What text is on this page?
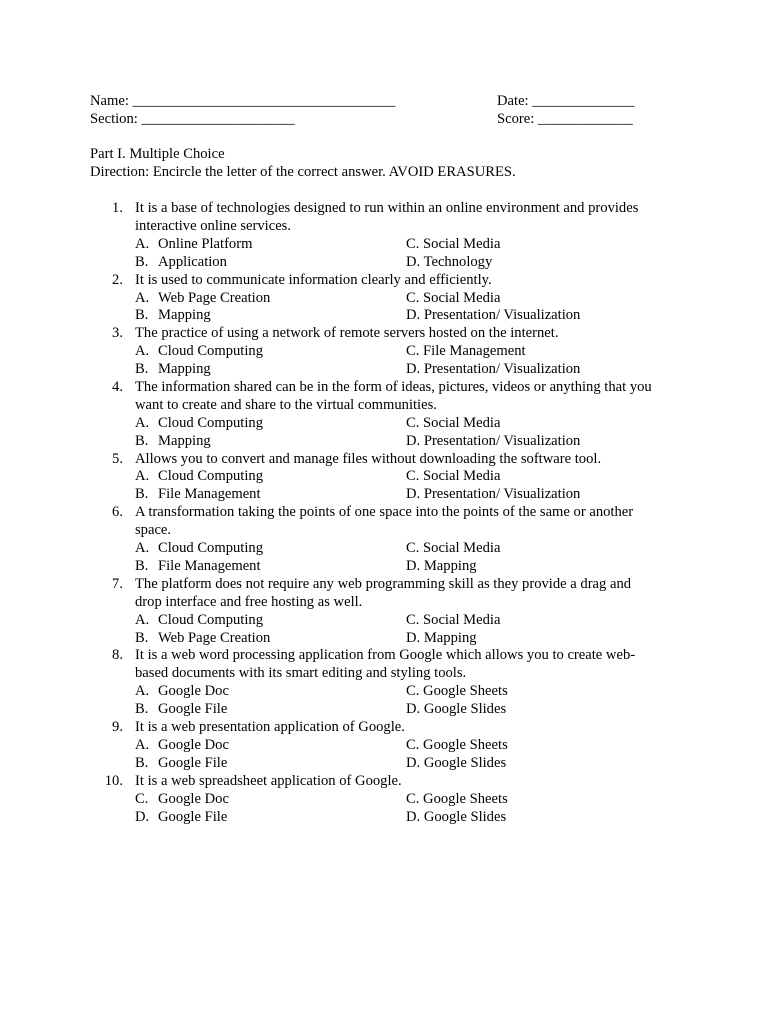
Name: ____________________________________	Date: ______________
Section: _____________________	Score: _____________
Part I. Multiple Choice
Direction: Encircle the letter of the correct answer. AVOID ERASURES.
1. It is a base of technologies designed to run within an online environment and provides
interactive online services.
A. Online Platform	C. Social Media
B. Application	D. Technology
2. It is used to communicate information clearly and efficiently.
A. Web Page Creation	C. Social Media
B. Mapping	D. Presentation/ Visualization
3. The practice of using a network of remote servers hosted on the internet.
A. Cloud Computing	C. File Management
B. Mapping	D. Presentation/ Visualization
4. The information shared can be in the form of ideas, pictures, videos or anything that you
want to create and share to the virtual communities.
A. Cloud Computing	C. Social Media
B. Mapping	D. Presentation/ Visualization
5. Allows you to convert and manage files without downloading the software tool.
A. Cloud Computing	C. Social Media
B. File Management	D. Presentation/ Visualization
6. A transformation taking the points of one space into the points of the same or another
space.
A. Cloud Computing	C. Social Media
B. File Management	D. Mapping
7. The platform does not require any web programming skill as they provide a drag and
drop interface and free hosting as well.
A. Cloud Computing	C. Social Media
B. Web Page Creation	D. Mapping
8. It is a web word processing application from Google which allows you to create web-
based documents with its smart editing and styling tools.
A. Google Doc	C. Google Sheets
B. Google File	D. Google Slides
9. It is a web presentation application of Google.
A. Google Doc	C. Google Sheets
B. Google File	D. Google Slides
10. It is a web spreadsheet application of Google.
C. Google Doc	C. Google Sheets
D. Google File	D. Google Slides
